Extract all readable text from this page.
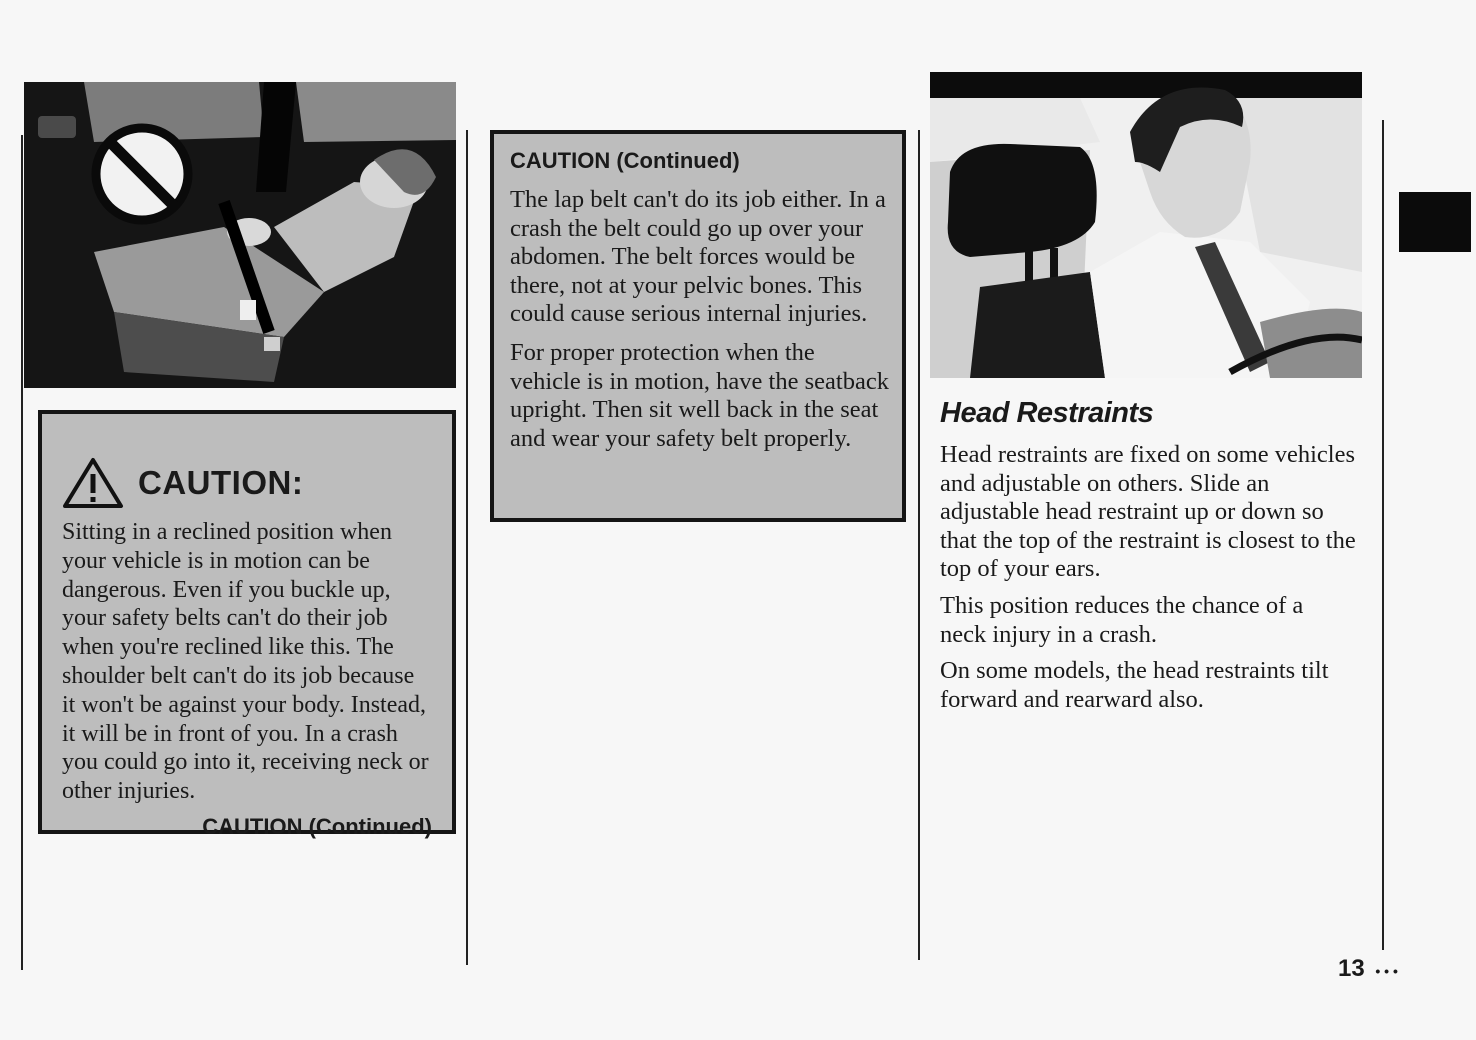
CAUTION:

Sitting in a reclined position when your vehicle is in motion can be dangerous. Even if you buckle up, your safety belts can't do their job when you're reclined like this. The shoulder belt can't do its job because it won't be against your body. Instead, it will be in front of you. In a crash you could go into it, receiving neck or other injuries.

CAUTION (Continued)
CAUTION (Continued)

The lap belt can't do its job either. In a crash the belt could go up over your abdomen. The belt forces would be there, not at your pelvic bones. This could cause serious internal injuries.

For proper protection when the vehicle is in motion, have the seatback upright. Then sit well back in the seat and wear your safety belt properly.

Head Restraints

Head restraints are fixed on some vehicles and adjustable on others. Slide an adjustable head restraint up or down so that the top of the restraint is closest to the top of your ears.

This position reduces the chance of a neck injury in a crash.

On some models, the head restraints tilt forward and rearward also.

13 • • •
